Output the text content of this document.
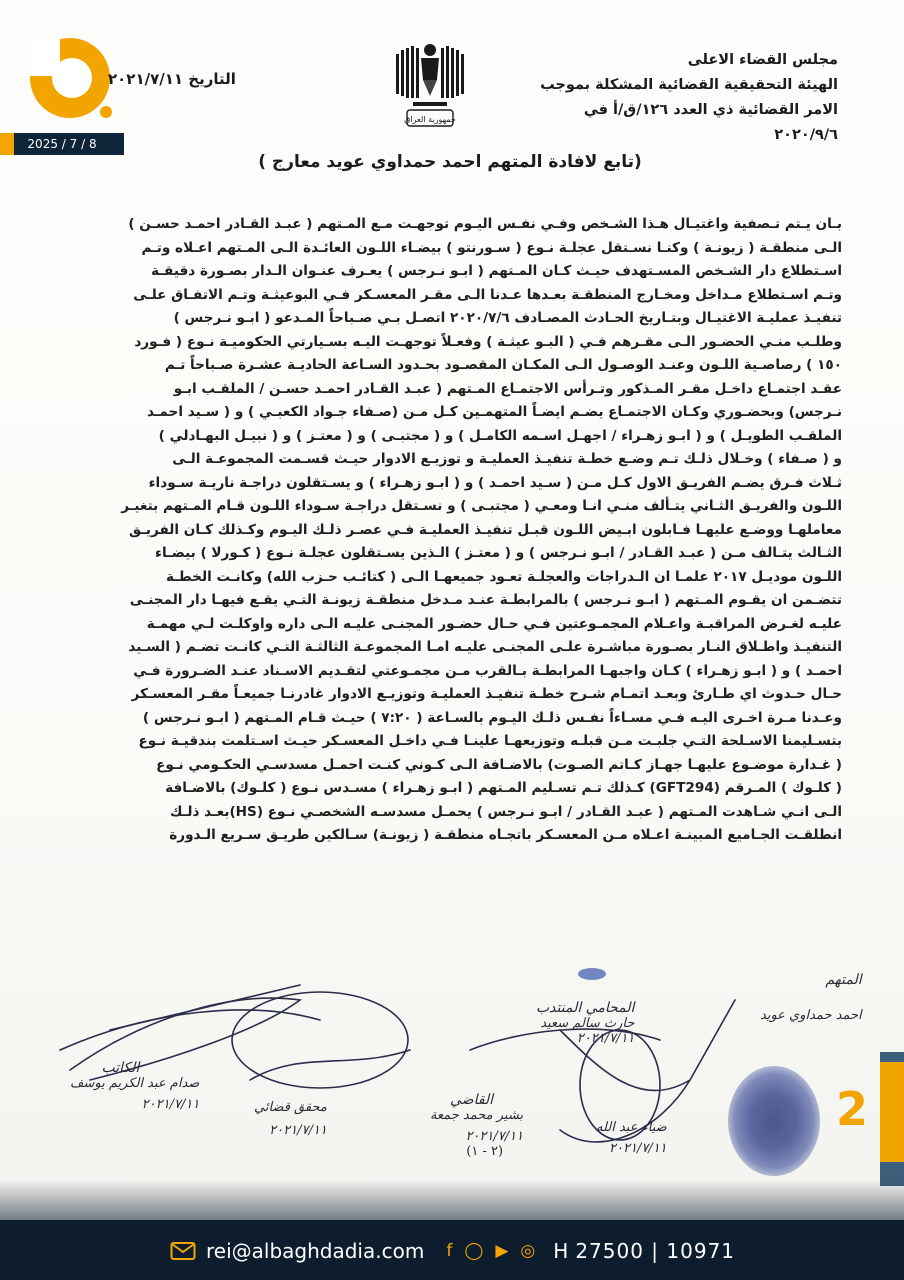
2025 / 7 / 8
مجلس القضاء الاعلى
الهيئة التحقيقية القضائية المشكلة بموجب
الامر القضائية ذي العدد ١٢٦/ق/أ في ٢٠٢٠/٩/٦
جمهورية العراق
التاريخ ٢٠٢١/٧/١١
(تابع لافادة المتهم احمد حمداوي عويد معارج )
بـان يـتم تـصفية واغتيـال هـذا الشـخص وفـي نفـس اليـوم توجهـت مـع المـتهم ( عبـد القـادر احمـد حسـن )
الـى منطقـة ( زيونـة ) وكنـا نسـتقل عجلـة نـوع ( سـورنتو ) بيضـاء اللـون العائـدة الـى المـتهم اعـلاه وتـم
اسـتطلاع دار الشـخص المسـتهدف حيـث كـان المـتهم ( ابـو نـرجس ) يعـرف عنـوان الـدار بصـورة دقيقـة
وتـم اسـتطلاع مـداخل ومخـارج المنطقـة بعـدها عـدنا الـى مقـر المعسـكر فـي البوعيثـة وتـم الاتفـاق علـى
تنفيـذ عمليـة الاغتيـال وبتـاريخ الحـادث المصـادف ٢٠٢٠/٧/٦ اتصـل بـي صـباحاً المـدعو ( ابـو نـرجس )
وطلـب منـي الحضـور الـى مقـرهم فـي ( البـو عيثـة ) وفعـلاً توجهـت اليـه بسـيارتي الحكوميـة نـوع ( فـورد
١٥٠ ) رصاصـية اللـون وعنـد الوصـول الـى المكـان المقصـود بحـدود السـاعة الحاديـة عشـرة صـباحاً تـم
عقـد اجتمـاع داخـل مقـر المـذكور وتـرأس الاجتمـاع المـتهم ( عبـد القـادر احمـد حسـن / الملقـب ابـو
نـرجس) وبحضـوري وكـان الاجتمـاع يضـم ايضـاً المتهمـين كـل مـن (صـفاء جـواد الكعبـي ) و ( سـيد احمـد
الملقـب الطويـل ) و ( ابـو زهـراء / اجهـل اسـمه الكامـل ) و ( مجتبـى ) و ( معتـز ) و ( نبيـل البهـادلي )
و ( صـفاء ) وخـلال ذلـك تـم وضـع خطـة تنفيـذ العمليـة و توزيـع الادوار حيـث قسـمت المجموعـة الـى
ثـلاث فـرق يضـم الفريـق الاول كـل مـن ( سـيد احمـد ) و ( ابـو زهـراء ) و يسـتقلون دراجـة ناريـة سـوداء
اللـون والفريـق الثـاني يتـألف منـي انـا ومعـي ( مجتبـى ) و نسـتقل دراجـة سـوداء اللـون قـام المـتهم بتغيـر
معاملهـا ووضـع عليهـا فـابلون ابـيض اللـون قبـل تنفيـذ العمليـة فـي عصـر ذلـك اليـوم وكـذلك كـان الفريـق
الثـالث يتـالف مـن ( عبـد القـادر / ابـو نـرجس ) و ( معتـز ) الـذين يسـتقلون عجلـة نـوع ( كـورلا ) بيضـاء
اللـون موديـل ٢٠١٧ علمـا ان الـدراجات والعجلـة تعـود جميعهـا الـى ( كتائـب حـزب الله) وكانـت الخطـة
تتضـمن ان يقـوم المـتهم ( ابـو نـرجس ) بالمرابطـة عنـد مـدخل منطقـة زيونـة التـي يقـع فيهـا دار المجنـى
عليـه لغـرض المراقبـة واعـلام المجمـوعتين فـي حـال حضـور المجنـى عليـه الـى داره واوكلـت لـي مهمـة
التنفيـذ واطـلاق النـار بصـورة مباشـرة علـى المجنـى عليـه امـا المجموعـة الثالثـة التـي كانـت تضـم ( السـيد
احمـد ) و ( ابـو زهـراء ) كـان واجبهـا المرابطـة بـالقرب مـن مجمـوعتي لتقـديم الاسـناد عنـد الضـرورة فـي
حـال حـدوث اي طـارئ وبعـد اتمـام شـرح خطـة تنفيـذ العمليـة وتوزيـع الادوار غادرنـا جميعـاً مقـر المعسـكر
وعـدنا مـرة اخـرى اليـه فـي مسـاءاً نفـس ذلـك اليـوم بالسـاعة ( ٧:٢٠ ) حيـث قـام المـتهم ( ابـو نـرجس )
بتسـليمنا الاسـلحة التـي جلبـت مـن قبلـه وتوزيعهـا علينـا فـي داخـل المعسـكر حيـث اسـتلمت بندقيـة نـوع
( غـدارة موضـوع عليهـا جهـاز كـاتم الصـوت) بالاضـافة الـى كـوني كنـت احمـل مسدسـي الحكـومي نـوع
( كلـوك ) المـرقم (GFT294) كـذلك تـم تسـليم المـتهم ( ابـو زهـراء ) مسـدس نـوع ( كلـوك) بالاضـافة
الـى انـي شـاهدت المـتهم ( عبـد القـادر / ابـو نـرجس ) يحمـل مسدسـه الشخصـي نـوع (HS)بعـد ذلـك
انطلقـت الجـاميع المبينـة اعـلاه مـن المعسـكر باتجـاه منطقـة ( زيونـة) سـالكين طريـق سـريع الـدورة
المتهم
احمد حمداوي عويد
المحامي المنتدب
حارث سالم سعيد
٢٠٢١/٧/١١
الكاتب
صدام عبد الكريم يوسف
٢٠٢١/٧/١١	محقق قضائي
٢٠٢١/٧/١١
القاضي
بشير محمد جمعة
٢٠٢١/٧/١١
(٢ - ١)
ضياء عبد الله
٢٠٢١/٧/١١
2
rei@albaghdadia.com f ◯ ▶ ◎ H 27500 | 10971
